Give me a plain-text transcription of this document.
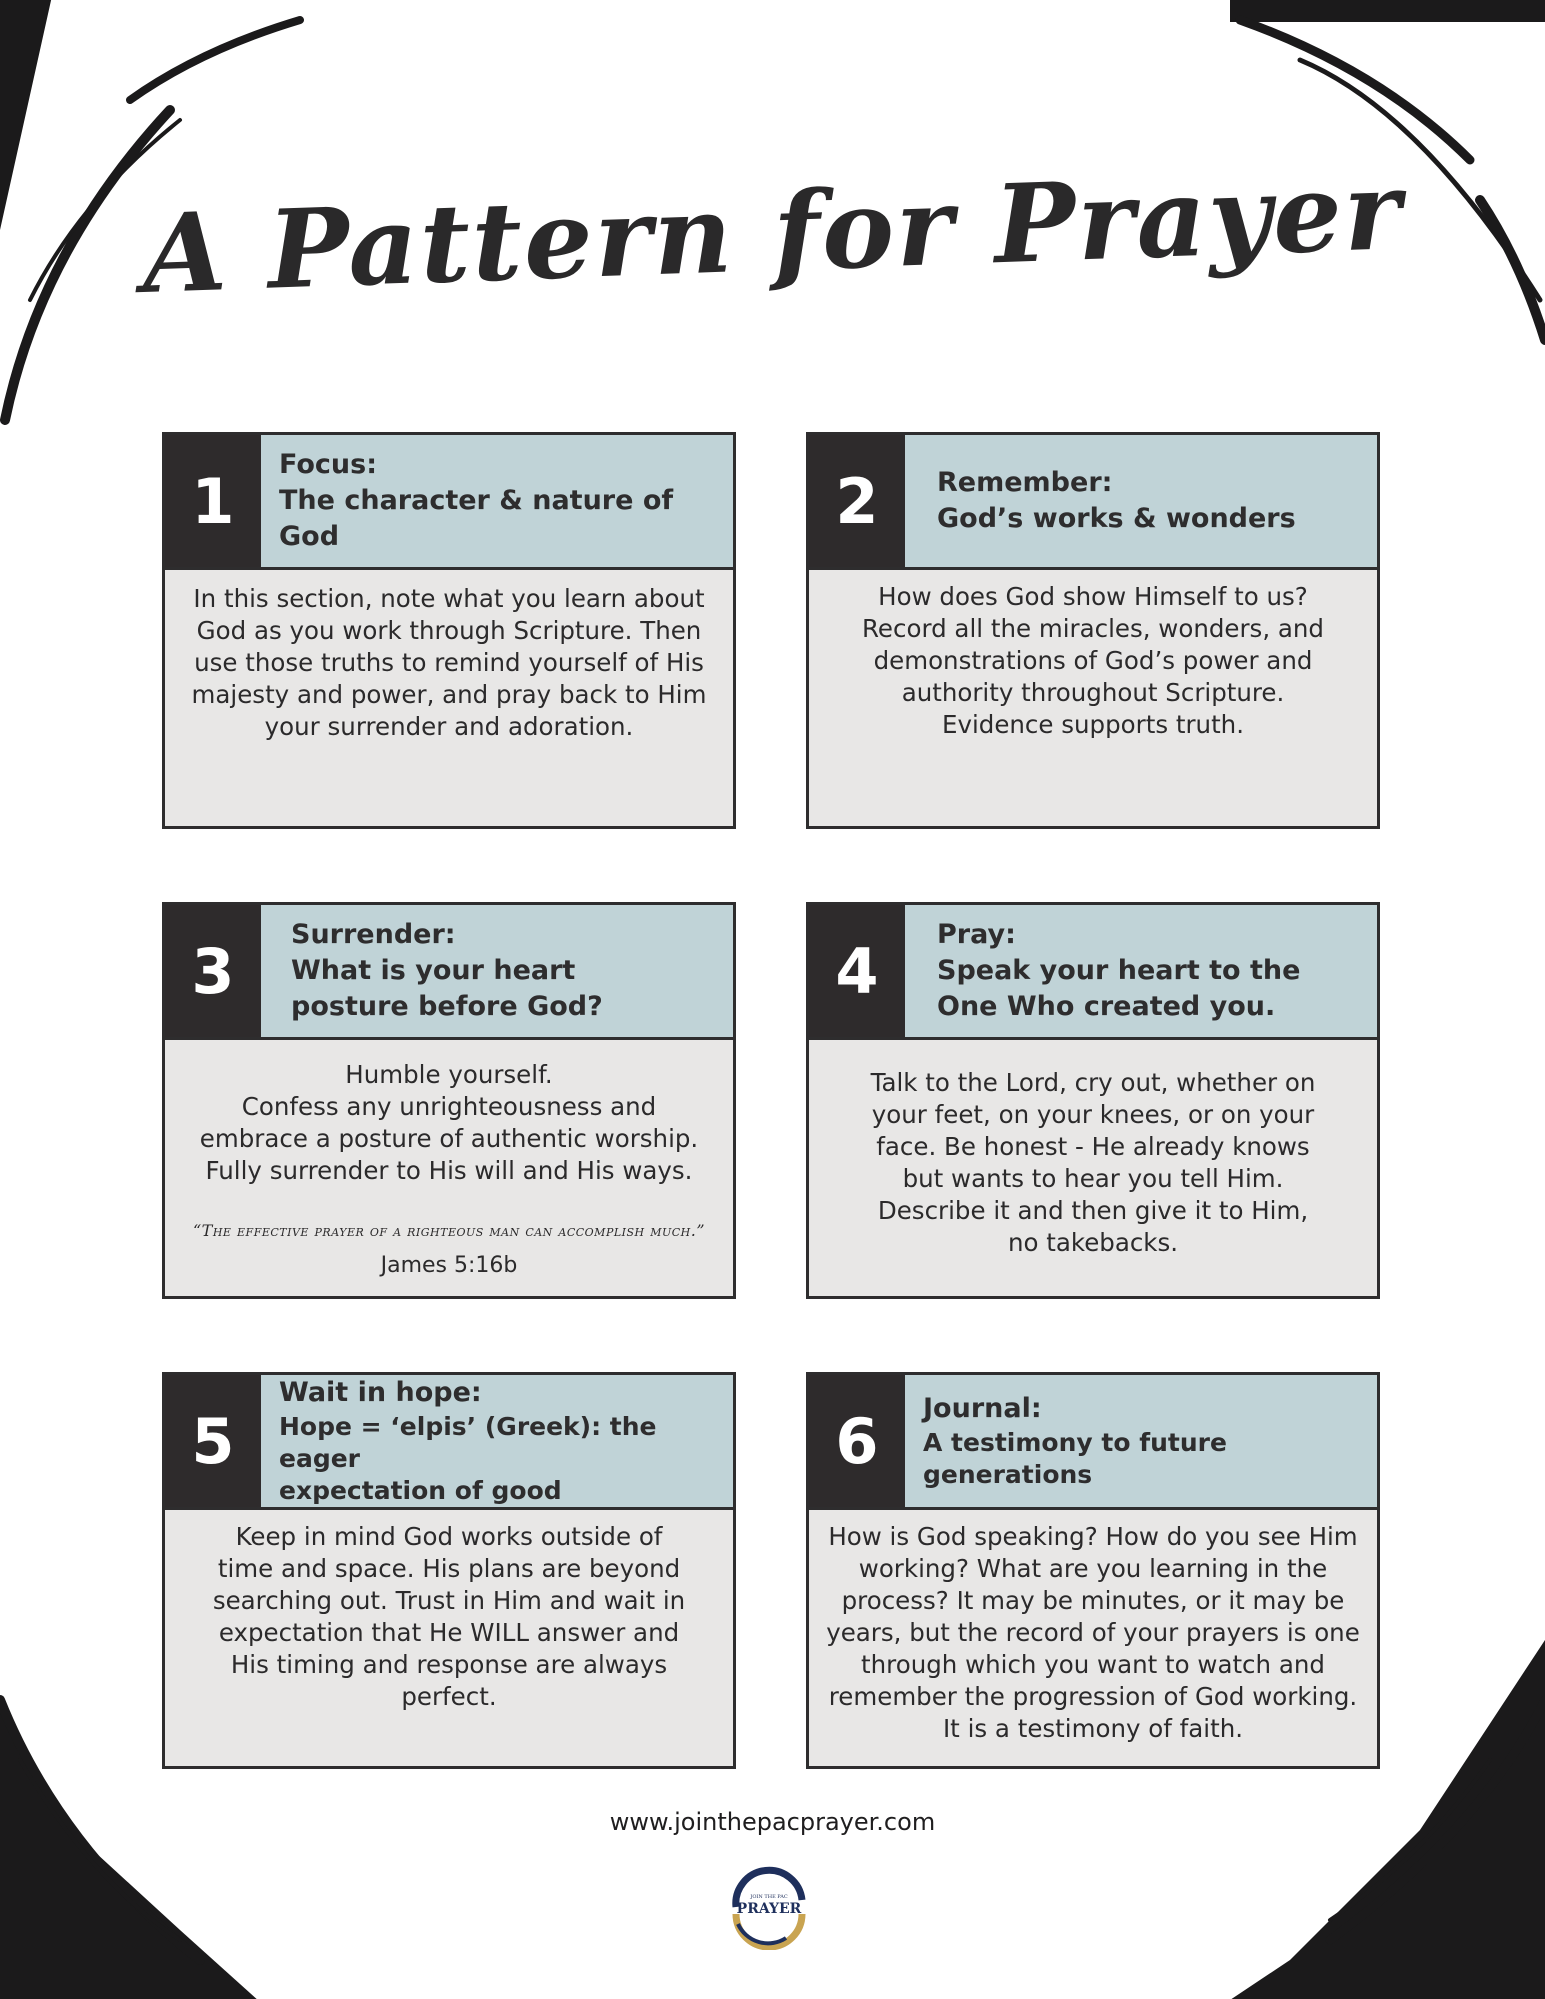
A Pattern for Prayer
1	Focus:
The character & nature of God
In this section, note what you learn about
God as you work through Scripture. Then
use those truths to remind yourself of His
majesty and power, and pray back to Him
your surrender and adoration.
2	Remember:
God’s works & wonders
How does God show Himself to us?
Record all the miracles, wonders, and
demonstrations of God’s power and
authority throughout Scripture.
Evidence supports truth.
3	Surrender:
What is your heart
posture before God?
Humble yourself.
Confess any unrighteousness and
embrace a posture of authentic worship.
Fully surrender to His will and His ways.
“The effective prayer of a righteous man can accomplish much.”
James 5:16b
4	Pray:
Speak your heart to the
One Who created you.
Talk to the Lord, cry out, whether on
your feet, on your knees, or on your
face. Be honest - He already knows
but wants to hear you tell Him.
Describe it and then give it to Him,
no takebacks.
5
Wait in hope:
Hope = ‘elpis’ (Greek): the eager
expectation of good
Keep in mind God works outside of
time and space. His plans are beyond
searching out. Trust in Him and wait in
expectation that He WILL answer and
His timing and response are always
perfect.
6	Journal:
A testimony to future
generations
How is God speaking? How do you see Him
working? What are you learning in the
process? It may be minutes, or it may be
years, but the record of your prayers is one
through which you want to watch and
remember the progression of God working.
It is a testimony of faith.
www.jointhepacprayer.com
JOIN THE PAC
PRAYER
